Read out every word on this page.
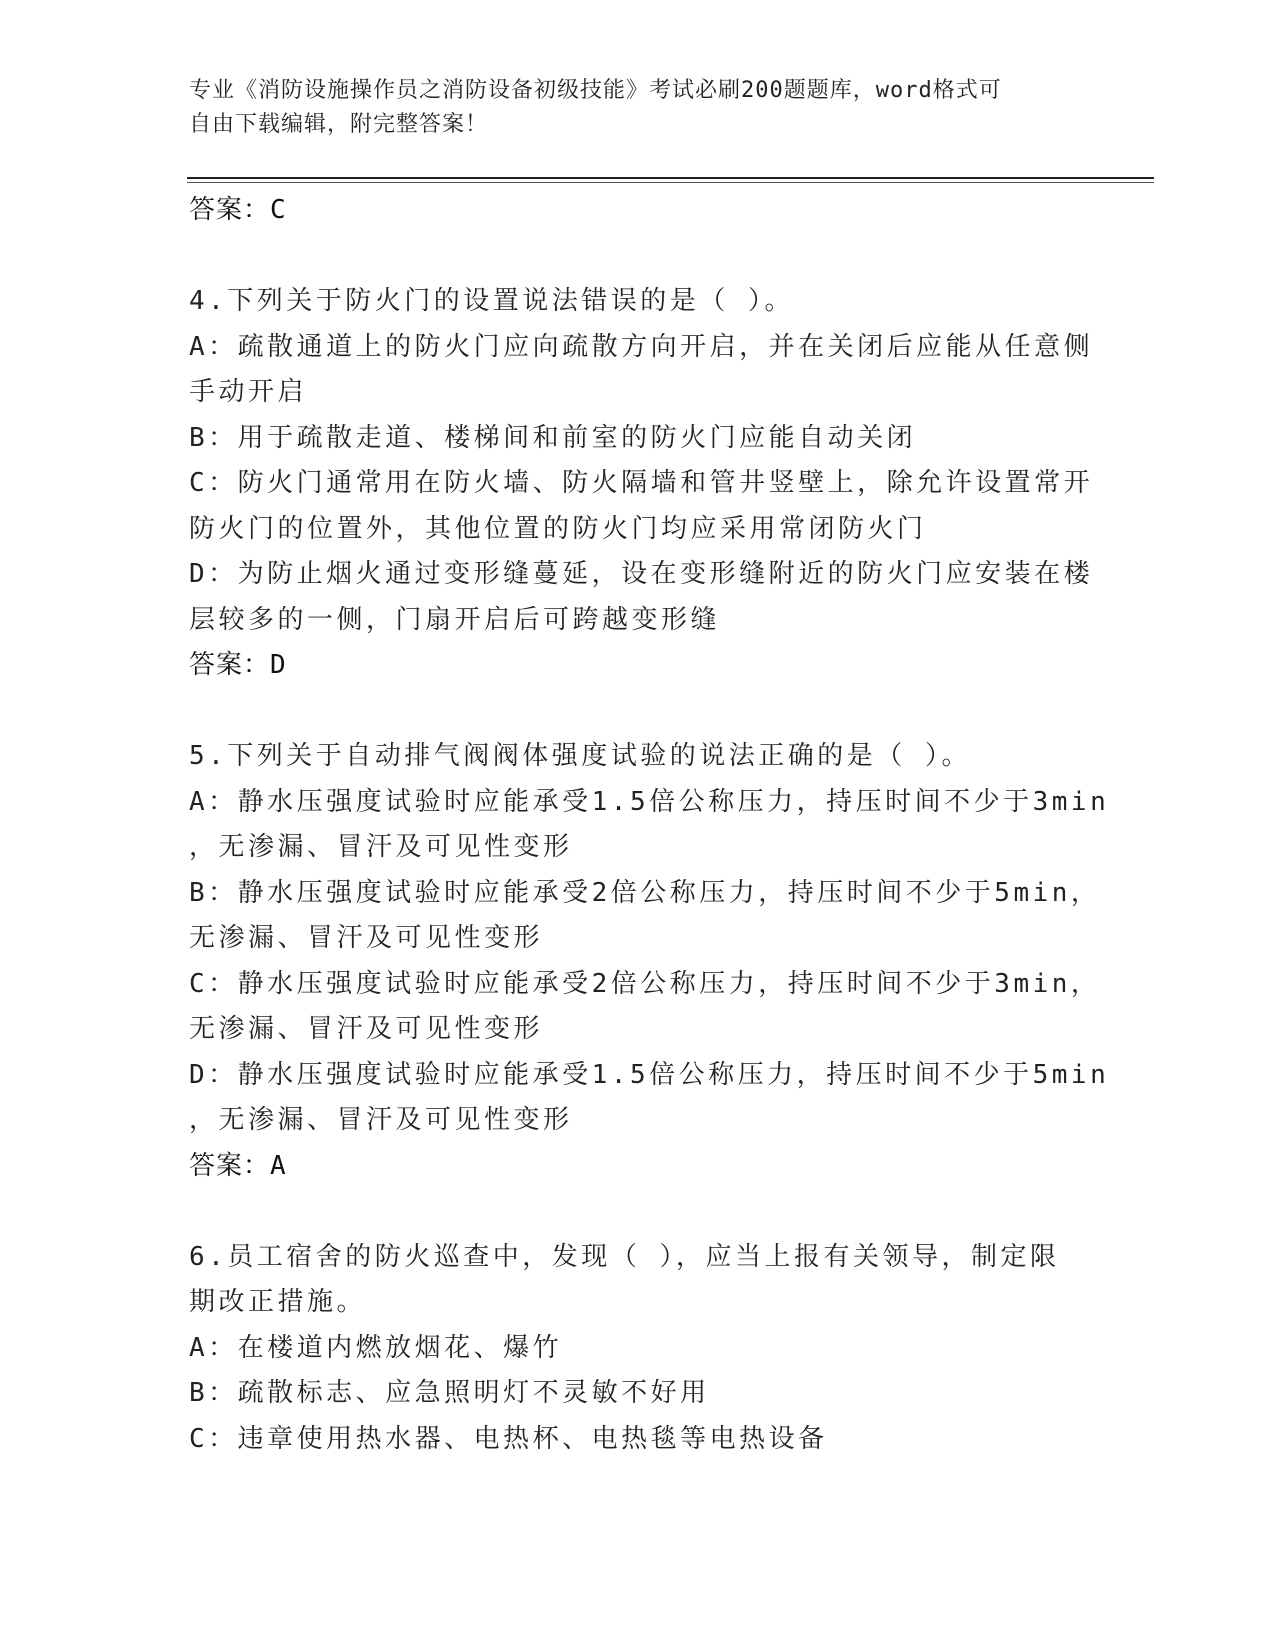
专业《消防设施操作员之消防设备初级技能》考试必刷200题题库，word格式可
自由下载编辑，附完整答案！
答案：C
4.下列关于防火门的设置说法错误的是（ ）。
A：疏散通道上的防火门应向疏散方向开启，并在关闭后应能从任意侧
手动开启
B：用于疏散走道、楼梯间和前室的防火门应能自动关闭
C：防火门通常用在防火墙、防火隔墙和管井竖壁上，除允许设置常开
防火门的位置外，其他位置的防火门均应采用常闭防火门
D：为防止烟火通过变形缝蔓延，设在变形缝附近的防火门应安装在楼
层较多的一侧，门扇开启后可跨越变形缝
答案：D
5.下列关于自动排气阀阀体强度试验的说法正确的是（ ）。
A：静水压强度试验时应能承受1.5倍公称压力，持压时间不少于3min
，无渗漏、冒汗及可见性变形
B：静水压强度试验时应能承受2倍公称压力，持压时间不少于5min，
无渗漏、冒汗及可见性变形
C：静水压强度试验时应能承受2倍公称压力，持压时间不少于3min，
无渗漏、冒汗及可见性变形
D：静水压强度试验时应能承受1.5倍公称压力，持压时间不少于5min
，无渗漏、冒汗及可见性变形
答案：A
6.员工宿舍的防火巡查中，发现（ ），应当上报有关领导，制定限
期改正措施。
A：在楼道内燃放烟花、爆竹
B：疏散标志、应急照明灯不灵敏不好用
C：违章使用热水器、电热杯、电热毯等电热设备
